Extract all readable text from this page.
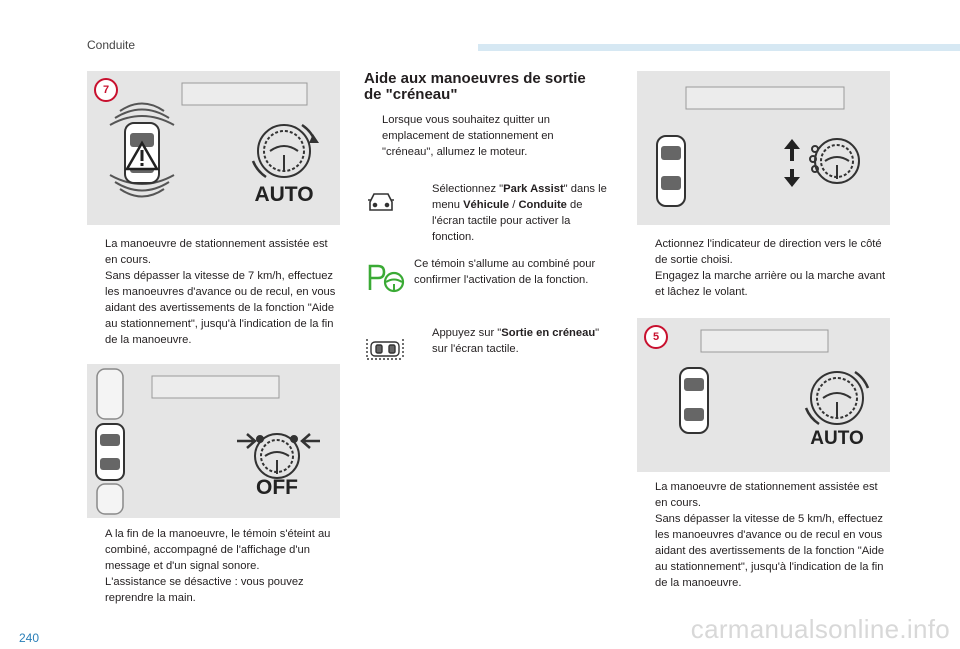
Conduite
AUTO
7
OFF
AUTO
5
La manoeuvre de stationnement assistée est en cours.
Sans dépasser la vitesse de 7 km/h, effectuez les manoeuvres d'avance ou de recul, en vous aidant des avertissements de la fonction "Aide au stationnement", jusqu'à l'indication de la fin de la manoeuvre.
A la fin de la manoeuvre, le témoin s'éteint au combiné, accompagné de l'affichage d'un message et d'un signal sonore.
L'assistance se désactive : vous pouvez reprendre la main.
Aide aux manoeuvres de sortie
de "créneau"
Lorsque vous souhaitez quitter un emplacement de stationnement en "créneau", allumez le moteur.
Sélectionnez "Park Assist" dans le menu Véhicule / Conduite de l'écran tactile pour activer la fonction.
Ce témoin s'allume au combiné pour confirmer l'activation de la fonction.
Appuyez sur "Sortie en créneau" sur l'écran tactile.
Actionnez l'indicateur de direction vers le côté de sortie choisi.
Engagez la marche arrière ou la marche avant et lâchez le volant.
La manoeuvre de stationnement assistée est en cours.
Sans dépasser la vitesse de 5 km/h, effectuez les manoeuvres d'avance ou de recul en vous aidant des avertissements de la fonction "Aide au stationnement", jusqu'à l'indication de la fin de la manoeuvre.
240	carmanualsonline.info
